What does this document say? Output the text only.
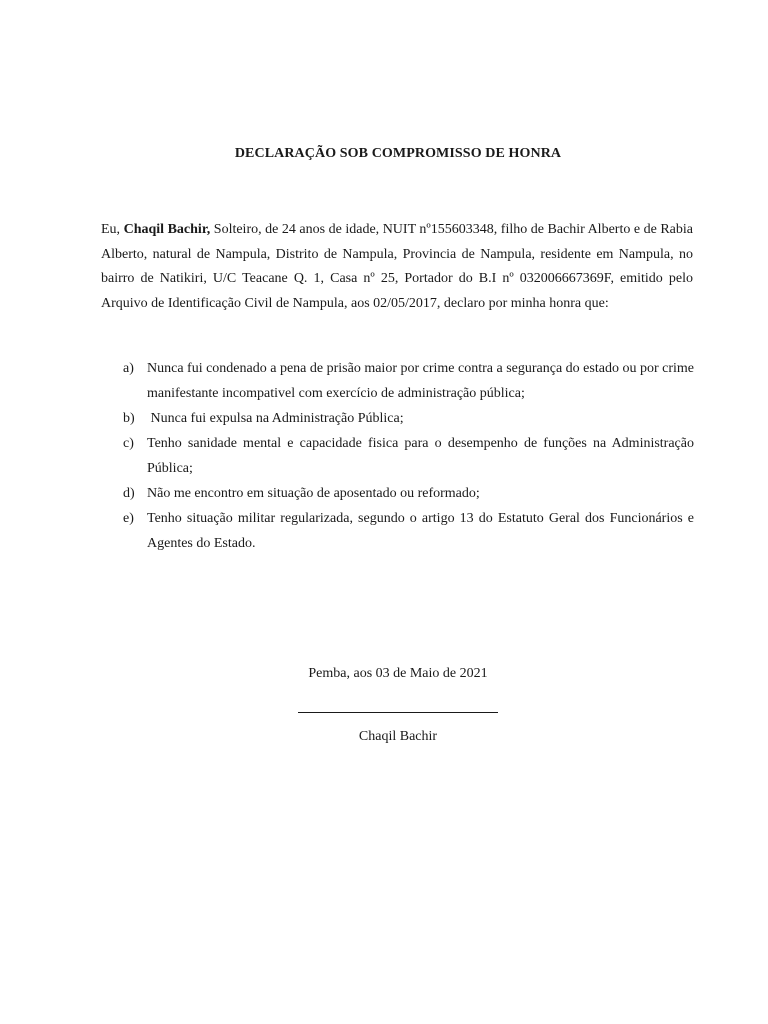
DECLARAÇÃO SOB COMPROMISSO DE HONRA

Eu, Chaqil Bachir, Solteiro, de 24 anos de idade, NUIT nº155603348, filho de Bachir Alberto e de Rabia Alberto, natural de Nampula, Distrito de Nampula, Provincia de Nampula, residente em Nampula, no bairro de Natikiri, U/C Teacane Q. 1, Casa nº 25, Portador do B.I nº 032006667369F, emitido pelo Arquivo de Identificação Civil de Nampula, aos 02/05/2017, declaro por minha honra que:

a) Nunca fui condenado a pena de prisão maior por crime contra a segurança do estado ou por crime manifestante incompativel com exercício de administração pública;
b) Nunca fui expulsa na Administração Pública;
c) Tenho sanidade mental e capacidade fisica para o desempenho de funções na Administração Pública;
d) Não me encontro em situação de aposentado ou reformado;
e) Tenho situação militar regularizada, segundo o artigo 13 do Estatuto Geral dos Funcionários e Agentes do Estado.
Pemba, aos 03 de Maio de 2021
Chaqil Bachir
